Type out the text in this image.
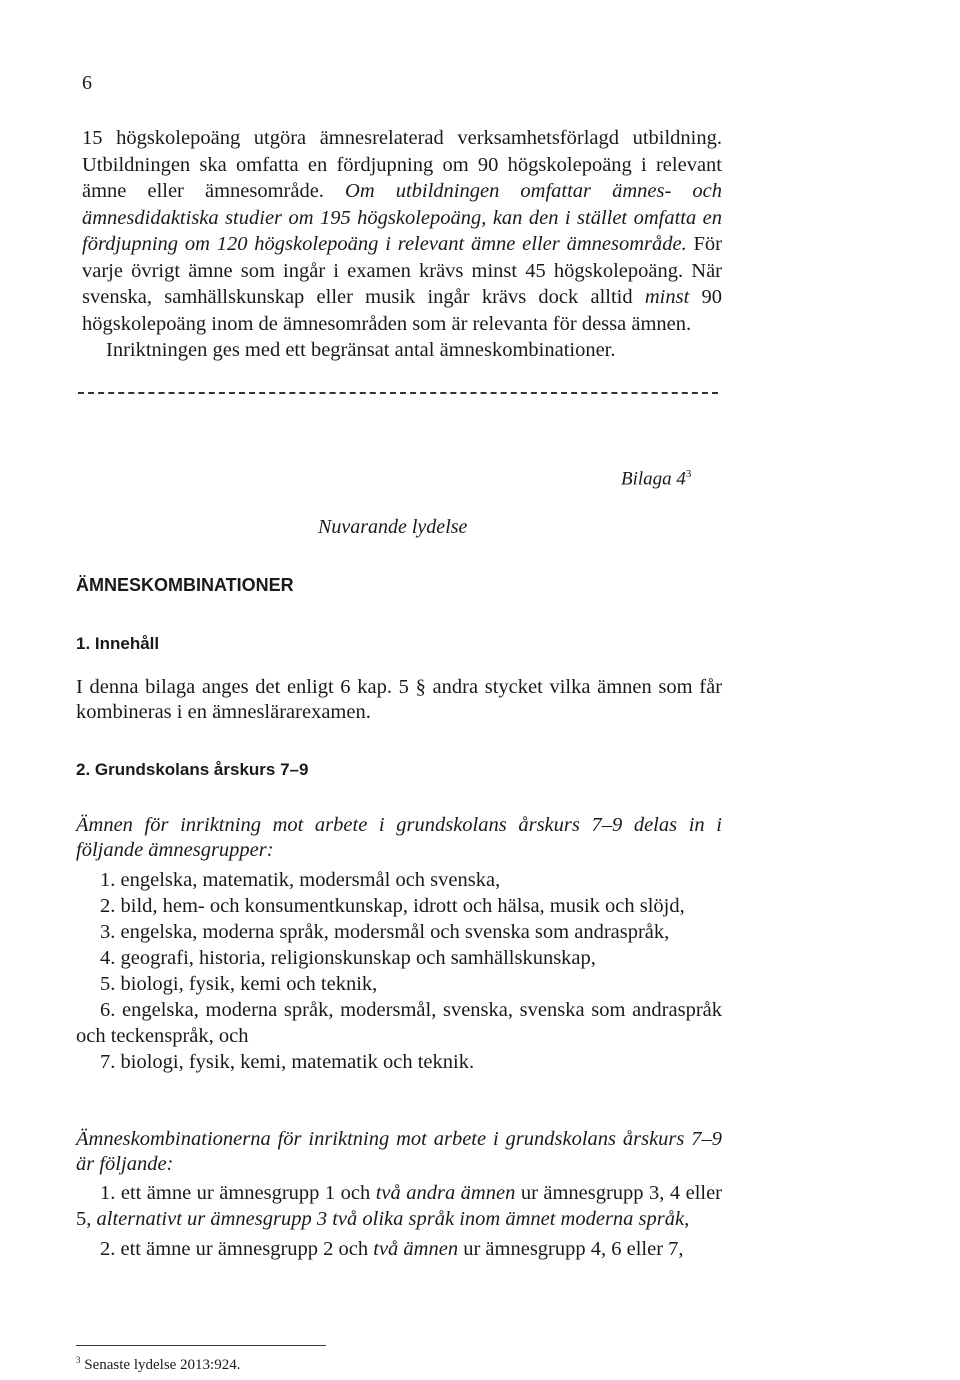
6

15 högskolepoäng utgöra ämnesrelaterad verksamhetsförlagd utbildning. Utbildningen ska omfatta en fördjupning om 90 högskolepoäng i relevant ämne eller ämnesområde. Om utbildningen omfattar ämnes- och ämnesdidaktiska studier om 195 högskolepoäng, kan den i stället omfatta en fördjupning om 120 högskolepoäng i relevant ämne eller ämnesområde. För varje övrigt ämne som ingår i examen krävs minst 45 högskolepoäng. När svenska, samhällskunskap eller musik ingår krävs dock alltid minst 90 högskolepoäng inom de ämnesområden som är relevanta för dessa ämnen.

Inriktningen ges med ett begränsat antal ämneskombinationer.

Bilaga $4^3$
Nuvarande lydelse
ÄMNESKOMBINATIONER
1. Innehåll
I denna bilaga anges det enligt 6 kap. 5 § andra stycket vilka ämnen som får kombineras i en ämneslärarexamen.
2. Grundskolans årskurs 7–9
Ämnen för inriktning mot arbete i grundskolans årskurs 7–9 delas in i följande ämnesgrupper:
1. engelska, matematik, modersmål och svenska,
2. bild, hem- och konsumentkunskap, idrott och hälsa, musik och slöjd,
3. engelska, moderna språk, modersmål och svenska som andraspråk,
4. geografi, historia, religionskunskap och samhällskunskap,
5. biologi, fysik, kemi och teknik,
6. engelska, moderna språk, modersmål, svenska, svenska som andraspråk och teckenspråk, och
7. biologi, fysik, kemi, matematik och teknik.
Ämneskombinationerna för inriktning mot arbete i grundskolans årskurs 7–9 är följande:
1. ett ämne ur ämnesgrupp 1 och två andra ämnen ur ämnesgrupp 3, 4 eller 5, alternativt ur ämnesgrupp 3 två olika språk inom ämnet moderna språk,
2. ett ämne ur ämnesgrupp 2 och två ämnen ur ämnesgrupp 4, 6 eller 7,
$^3$ Senaste lydelse 2013:924.
